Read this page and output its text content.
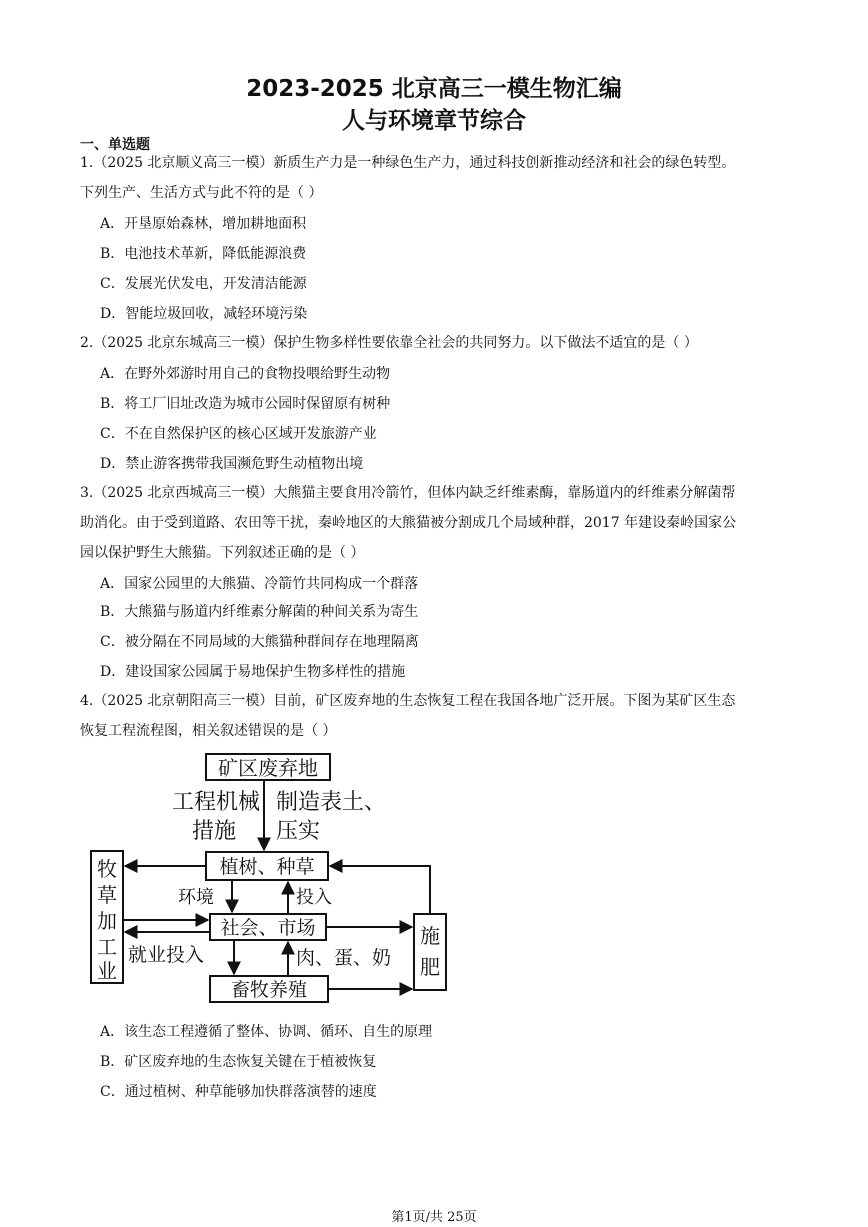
2023-2025 北京高三一模生物汇编
人与环境章节综合
一、单选题
1.（2025 北京顺义高三一模）新质生产力是一种绿色生产力，通过科技创新推动经济和社会的绿色转型。
下列生产、生活方式与此不符的是（ ）
A．开垦原始森林，增加耕地面积
B．电池技术革新，降低能源浪费
C．发展光伏发电，开发清洁能源
D．智能垃圾回收，减轻环境污染
2.（2025 北京东城高三一模）保护生物多样性要依靠全社会的共同努力。以下做法不适宜的是（ ）
A．在野外郊游时用自己的食物投喂给野生动物
B．将工厂旧址改造为城市公园时保留原有树种
C．不在自然保护区的核心区域开发旅游产业
D．禁止游客携带我国濒危野生动植物出境
3.（2025 北京西城高三一模）大熊猫主要食用冷箭竹，但体内缺乏纤维素酶，靠肠道内的纤维素分解菌帮
助消化。由于受到道路、农田等干扰，秦岭地区的大熊猫被分割成几个局域种群，2017 年建设秦岭国家公
园以保护野生大熊猫。下列叙述正确的是（ ）
A．国家公园里的大熊猫、冷箭竹共同构成一个群落
B．大熊猫与肠道内纤维素分解菌的种间关系为寄生
C．被分隔在不同局域的大熊猫种群间存在地理隔离
D．建设国家公园属于易地保护生物多样性的措施
4.（2025 北京朝阳高三一模）目前，矿区废弃地的生态恢复工程在我国各地广泛开展。下图为某矿区生态
恢复工程流程图，相关叙述错误的是（ ）
矿区废弃地
工程机械
措施
制造表土、
压实
植树、种草
环境	投入
社会、市场
就业投入	肉、蛋、奶
畜牧养殖
牧
草
加
工
业
施
肥
A．该生态工程遵循了整体、协调、循环、自生的原理
B．矿区废弃地的生态恢复关键在于植被恢复
C．通过植树、种草能够加快群落演替的速度
第1页/共 25页
